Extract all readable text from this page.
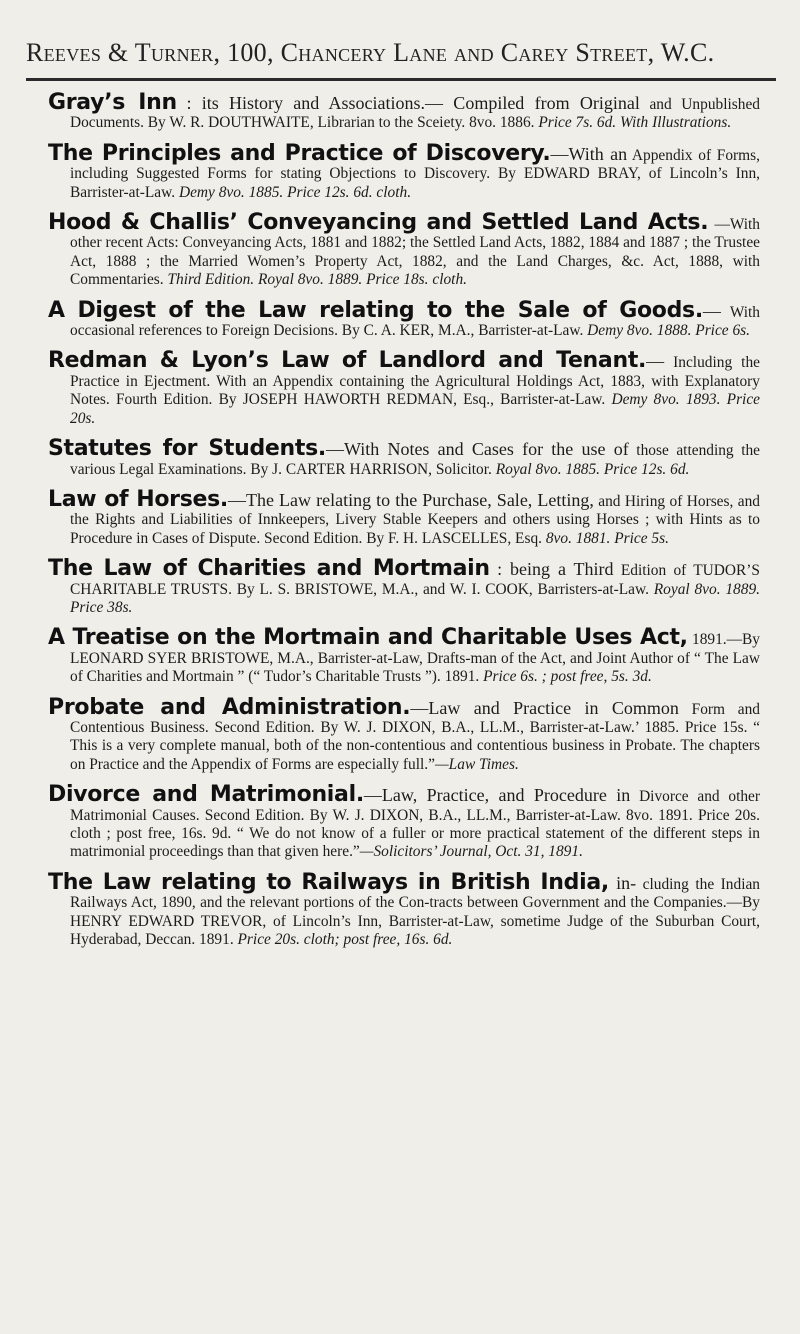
Reeves & Turner, 100, Chancery Lane and Carey Street, W.C.

Gray’s Inn : its History and Associations.— Compiled from Original and Unpublished Documents. By W. R. DOUTHWAITE, Librarian to the Sceiety. 8vo. 1886. Price 7s. 6d. With Illustrations.

The Principles and Practice of Discovery.—With an Appendix of Forms, including Suggested Forms for stating Objections to Discovery. By EDWARD BRAY, of Lincoln’s Inn, Barrister-at-Law. Demy 8vo. 1885. Price 12s. 6d. cloth.

Hood & Challis’ Conveyancing and Settled Land Acts. —With other recent Acts: Conveyancing Acts, 1881 and 1882; the Settled Land Acts, 1882, 1884 and 1887 ; the Trustee Act, 1888 ; the Married Women’s Property Act, 1882, and the Land Charges, &c. Act, 1888, with Commentaries. Third Edition. Royal 8vo. 1889. Price 18s. cloth.

A Digest of the Law relating to the Sale of Goods.— With occasional references to Foreign Decisions. By C. A. KER, M.A., Barrister-at-Law. Demy 8vo. 1888. Price 6s.

Redman & Lyon’s Law of Landlord and Tenant.— Including the Practice in Ejectment. With an Appendix containing the Agricultural Holdings Act, 1883, with Explanatory Notes. Fourth Edition. By JOSEPH HAWORTH REDMAN, Esq., Barrister-at-Law. Demy 8vo. 1893. Price 20s.

Statutes for Students.—With Notes and Cases for the use of those attending the various Legal Examinations. By J. CARTER HARRISON, Solicitor. Royal 8vo. 1885. Price 12s. 6d.

Law of Horses.—The Law relating to the Purchase, Sale, Letting, and Hiring of Horses, and the Rights and Liabilities of Innkeepers, Livery Stable Keepers and others using Horses ; with Hints as to Procedure in Cases of Dispute. Second Edition. By F. H. LASCELLES, Esq. 8vo. 1881. Price 5s.

The Law of Charities and Mortmain : being a Third Edition of TUDOR’S CHARITABLE TRUSTS. By L. S. BRISTOWE, M.A., and W. I. COOK, Barristers-at-Law. Royal 8vo. 1889. Price 38s.

A Treatise on the Mortmain and Charitable Uses Act, 1891.—By LEONARD SYER BRISTOWE, M.A., Barrister-at-Law, Drafts-man of the Act, and Joint Author of “ The Law of Charities and Mortmain ” (“ Tudor’s Charitable Trusts ”). 1891. Price 6s. ; post free, 5s. 3d.

Probate and Administration.—Law and Practice in Common Form and Contentious Business. Second Edition. By W. J. DIXON, B.A., LL.M., Barrister-at-Law.’ 1885. Price 15s. “ This is a very complete manual, both of the non-contentious and contentious business in Probate. The chapters on Practice and the Appendix of Forms are especially full.”—Law Times.

Divorce and Matrimonial.—Law, Practice, and Procedure in Divorce and other Matrimonial Causes. Second Edition. By W. J. DIXON, B.A., LL.M., Barrister-at-Law. 8vo. 1891. Price 20s. cloth ; post free, 16s. 9d. “ We do not know of a fuller or more practical statement of the different steps in matrimonial proceedings than that given here.”—Solicitors’ Journal, Oct. 31, 1891.

The Law relating to Railways in British India, in- cluding the Indian Railways Act, 1890, and the relevant portions of the Con-tracts between Government and the Companies.—By HENRY EDWARD TREVOR, of Lincoln’s Inn, Barrister-at-Law, sometime Judge of the Suburban Court, Hyderabad, Deccan. 1891. Price 20s. cloth; post free, 16s. 6d.
